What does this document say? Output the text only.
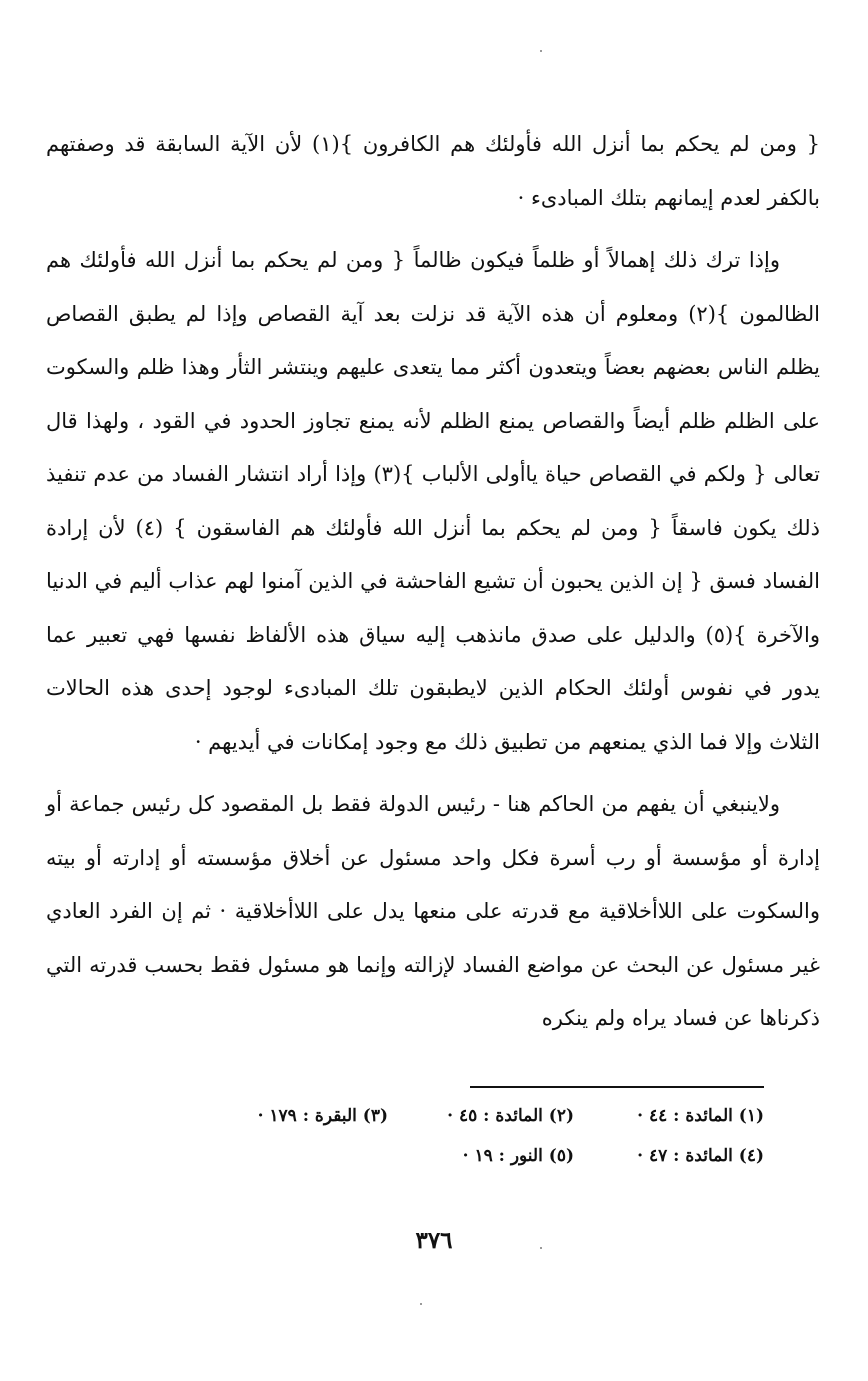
{ ومن لم يحكم بما أنزل الله فأولئك هم الكافرون }(١) لأن الآية السابقة قد وصفتهم بالكفر لعدم إيمانهم بتلك المبادىء ·

وإذا ترك ذلك إهمالاً أو ظلماً فيكون ظالماً { ومن لم يحكم بما أنزل الله فأولئك هم الظالمون }(٢) ومعلوم أن هذه الآية قد نزلت بعد آية القصاص وإذا لم يطبق القصاص يظلم الناس بعضهم بعضاً ويتعدون أكثر مما يتعدى عليهم وينتشر الثأر وهذا ظلم والسكوت على الظلم ظلم أيضاً والقصاص يمنع الظلم لأنه يمنع تجاوز الحدود في القود ، ولهذا قال تعالى { ولكم في القصاص حياة ياأولى الألباب }(٣) وإذا أراد انتشار الفساد من عدم تنفيذ ذلك يكون فاسقاً { ومن لم يحكم بما أنزل الله فأولئك هم الفاسقون } (٤) لأن إرادة الفساد فسق { إن الذين يحبون أن تشيع الفاحشة في الذين آمنوا لهم عذاب أليم في الدنيا والآخرة }(٥) والدليل على صدق مانذهب إليه سياق هذه الألفاظ نفسها فهي تعبير عما يدور في نفوس أولئك الحكام الذين لايطبقون تلك المبادىء لوجود إحدى هذه الحالات الثلاث وإلا فما الذي يمنعهم من تطبيق ذلك مع وجود إمكانات في أيديهم ·

ولاينبغي أن يفهم من الحاكم هنا - رئيس الدولة فقط بل المقصود كل رئيس جماعة أو إدارة أو مؤسسة أو رب أسرة فكل واحد مسئول عن أخلاق مؤسسته أو إدارته أو بيته والسكوت على اللاأخلاقية مع قدرته على منعها يدل على اللاأخلاقية · ثم إن الفرد العادي غير مسئول عن البحث عن مواضع الفساد لإزالته وإنما هو مسئول فقط بحسب قدرته التي ذكرناها عن فساد يراه ولم ينكره

(١) المائدة : ٤٤ ·
(٢) المائدة : ٤٥ ·
(٣) البقرة : ١٧٩ ·
(٤) المائدة : ٤٧ ·
(٥) النور : ١٩ ·
٣٧٦
